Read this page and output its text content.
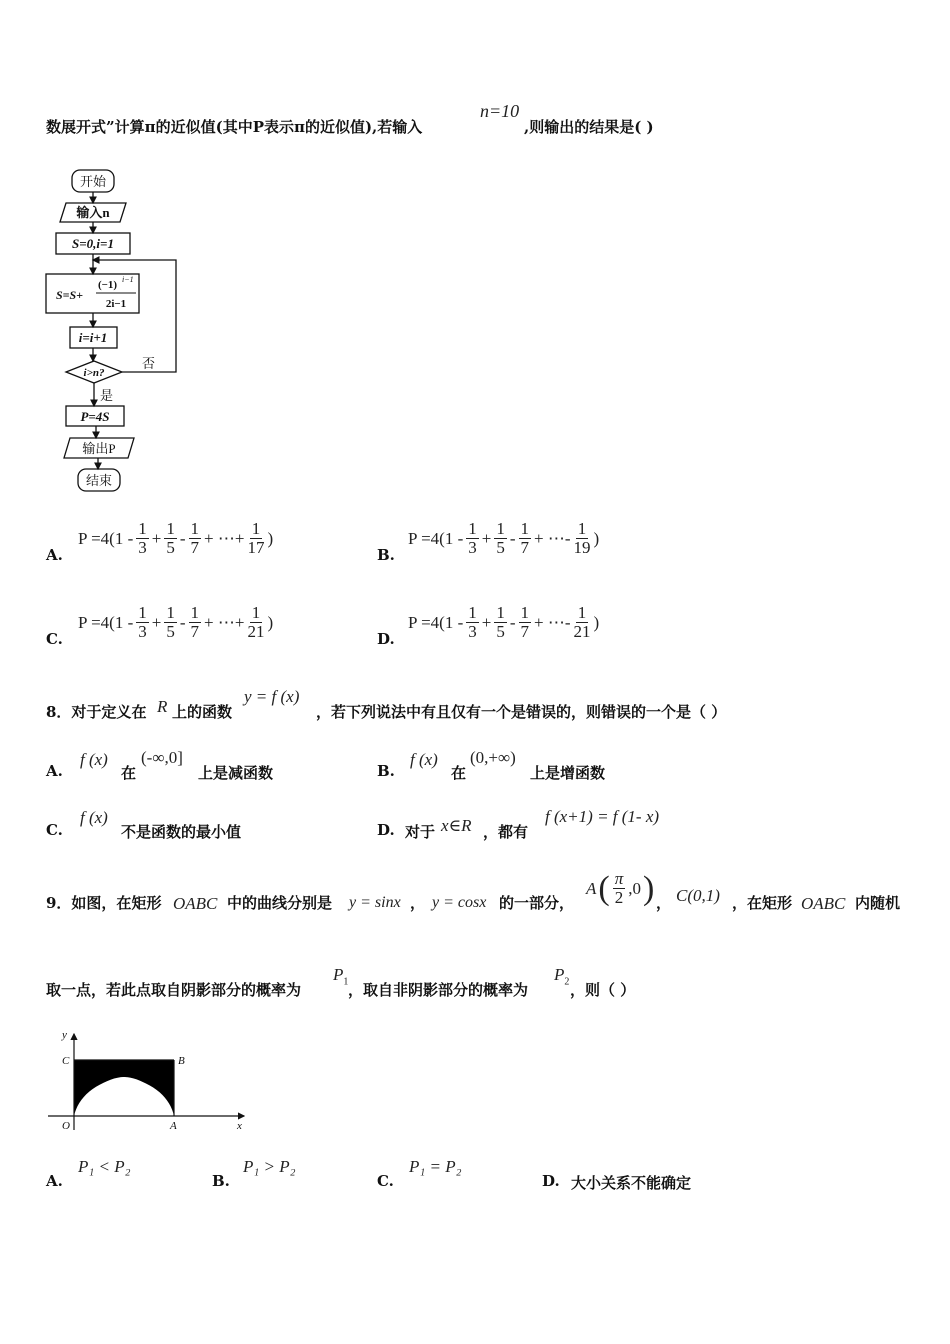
数展开式”计算π的近似值(其中P表示π的近似值),若输入
n=10
,则输出的结果是( )
开始
输入n
S=0,i=1
S=S+
(−1) i−1
2i−1
i=i+1
i>n?
否
是
P=4S
输出P
结束
A.
P =4(1 - 1
$3 + \frac{1}{5} - 1$
7 + ⋯+ $\frac{1}{17}$ )
B.
P =4(1 - 1
$3 + \frac{1}{5} - 1$
7 + ⋯- 1
19 )
C.
P =4(1 - 1
$3 + \frac{1}{5} - 1$
7 + ⋯+ $\frac{1}{21}$ )
D.
P =4(1 - 1
$3 + \frac{1}{5} - 1$
7 + ⋯- 1
21 )
8．对于定义在 R 上的函数
y = f (x)
，若下列说法中有且仅有一个是错误的，则错误的一个是（ ）
A.
f (x)
在
(-∞,0]
上是减函数	B.
f (x)
在
(0,+∞)
上是增函数
C.
f (x)
不是函数的最小值	D. 对于 x∈R ，都有
f (x+1) = f (1- x)
9．如图，在矩形 OABC 中的曲线分别是 y = sinx ， y = cosx 的一部分，
A ( π
2 ,0 ) ， C(0,1) ，在矩形 OABC 内随机
取一点，若此点取自阴影部分的概率为
$P_1$ ，取自非阴影部分的概率为
$P_2$ ，则（ ）
y
x
C	B
O	A
A.
P₁ < P₂
B.
P₁ > P₂
C.
P₁ = P₂
D. 大小关系不能确定
